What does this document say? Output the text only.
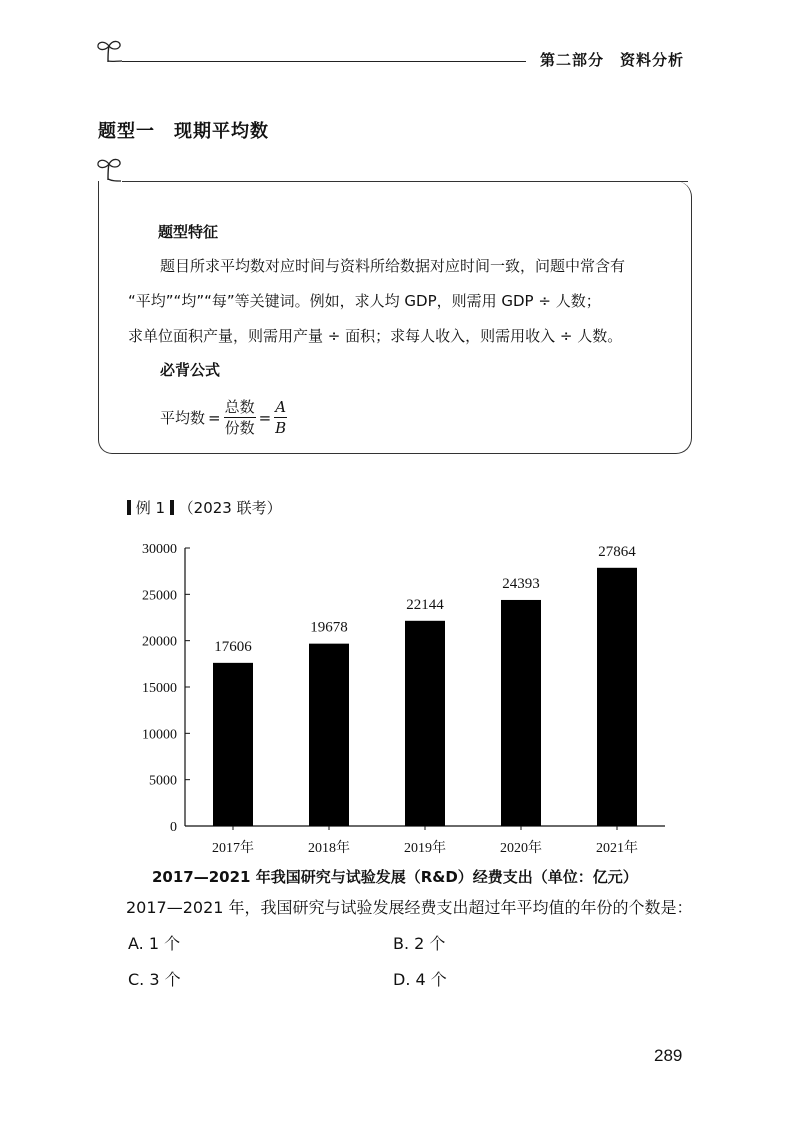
第二部分　资料分析
题型一　现期平均数
题型特征
题目所求平均数对应时间与资料所给数据对应时间一致，问题中常含有
“平均”“均”“每”等关键词。例如，求人均 GDP，则需用 GDP ÷ 人数；
求单位面积产量，则需用产量 ÷ 面积；求每人收入，则需用收入 ÷ 人数。
必背公式
平均数 = $\frac{\text{总数}}{\text{份数}} = \frac{A}{B}$
例 1 （2023 联考）
0
5000
10000
15000
20000
25000
30000
17606
2017年
19678
2018年
22144
2019年
24393
2020年
27864
2021年
2017—2021 年我国研究与试验发展（R&D）经费支出（单位：亿元）
2017—2021 年，我国研究与试验发展经费支出超过年平均值的年份的个数是：
A. 1 个	B. 2 个
C. 3 个	D. 4 个
289
